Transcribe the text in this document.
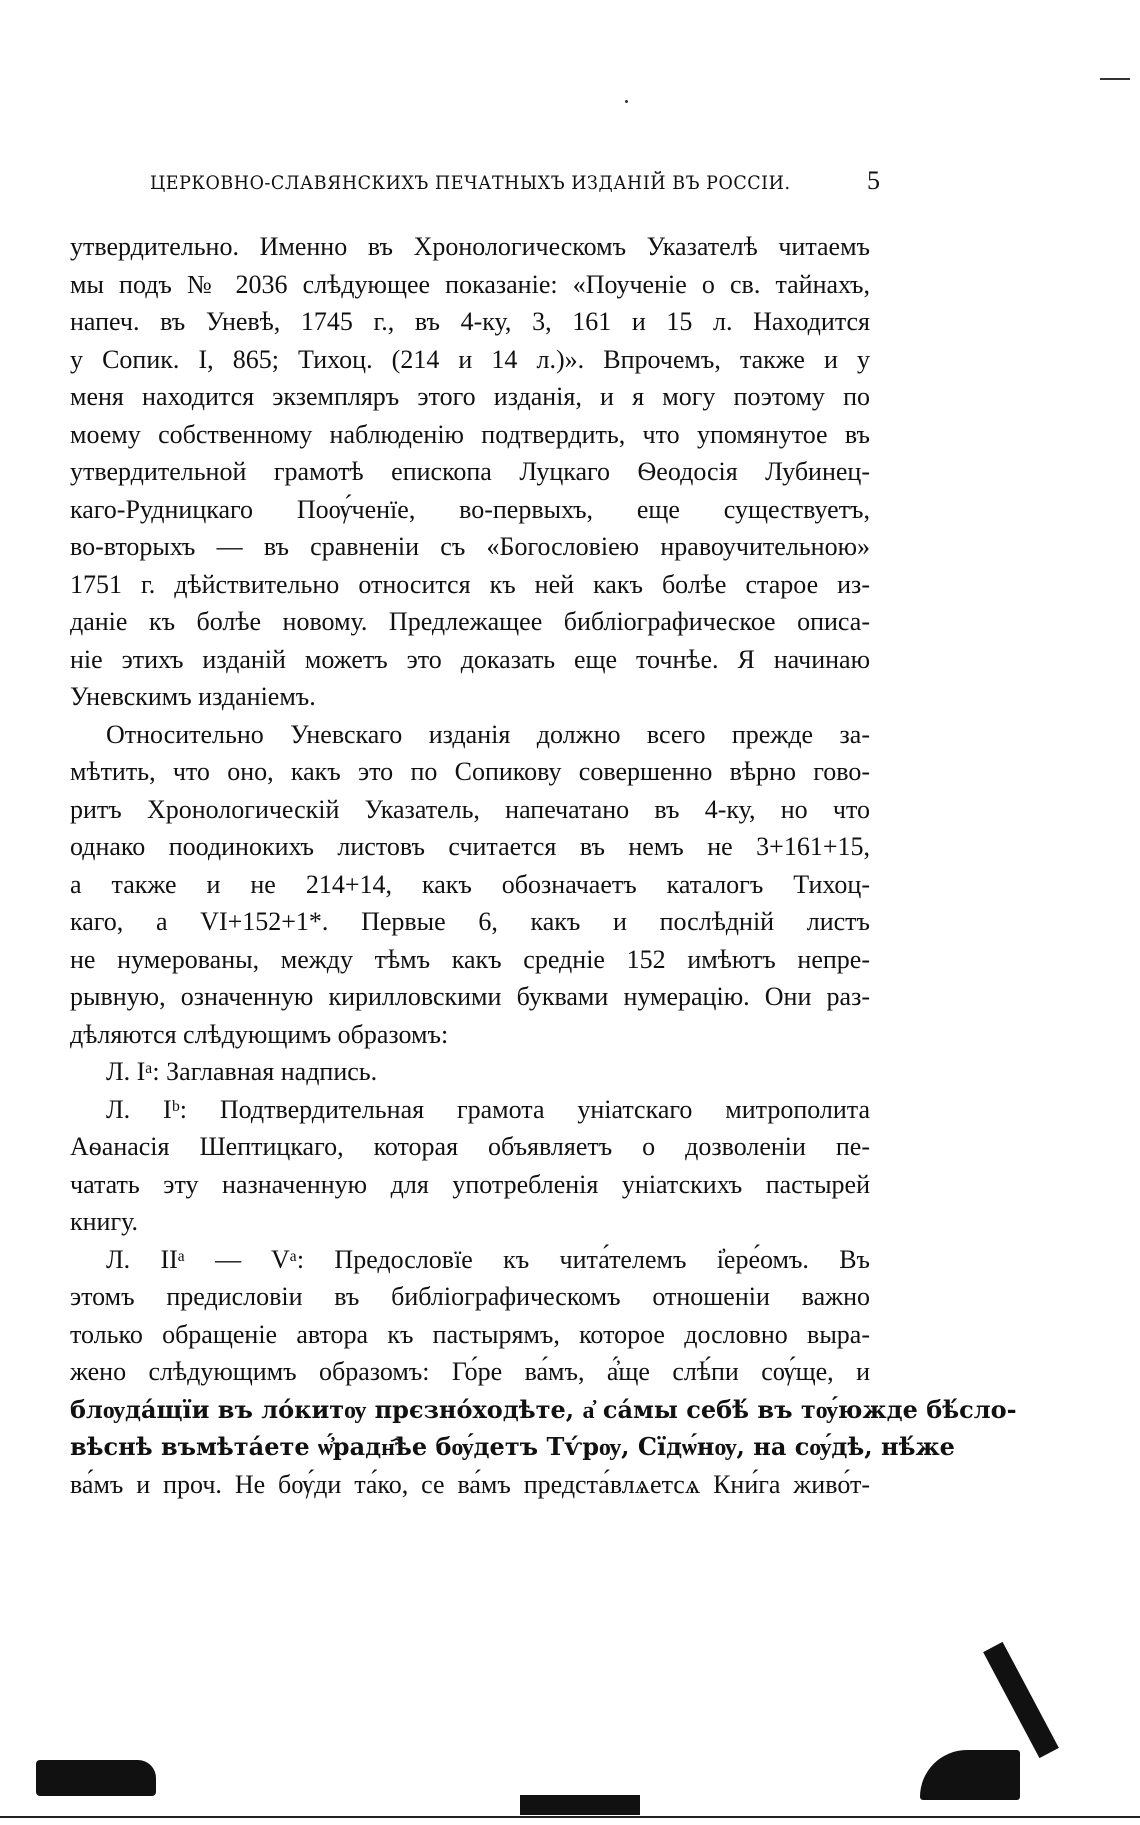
ЦЕРКОВНО-СЛАВЯНСКИХЪ ПЕЧАТНЫХЪ ИЗДАНІЙ ВЪ РОССІИ.	5
утвердительно. Именно въ Хронологическомъ Указателѣ читаемъ
мы подъ № 2036 слѣдующее показаніе: «Поученіе о св. тайнахъ,
напеч. въ Уневѣ, 1745 г., въ 4-ку, 3, 161 и 15 л. Находится
у Сопик. I, 865; Тихоц. (214 и 14 л.)». Впрочемъ, также и у
меня находится экземпляръ этого изданія, и я могу поэтому по
моему собственному наблюденію подтвердить, что упомянутое въ
утвердительной грамотѣ епископа Луцкаго Ѳеодосія Лубинец-
каго-Рудницкаго Поѹ́ченїе, во-первыхъ, еще существуетъ,
во-вторыхъ — въ сравненіи съ «Богословіею нравоучительною»
1751 г. дѣйствительно относится къ ней какъ болѣе старое из-
даніе къ болѣе новому. Предлежащее библіографическое описа-
ніе этихъ изданій можетъ это доказать еще точнѣе. Я начинаю
Уневскимъ изданіемъ.
Относительно Уневскаго изданія должно всего прежде за-
мѣтить, что оно, какъ это по Сопикову совершенно вѣрно гово-
ритъ Хронологическій Указатель, напечатано въ 4-ку, но что
однако поодинокихъ листовъ считается въ немъ не 3+161+15,
а также и не 214+14, какъ обозначаетъ каталогъ Тихоц-
каго, а VI+152+1*. Первые 6, какъ и послѣдній листъ
не нумерованы, между тѣмъ какъ средніе 152 имѣютъ непре-
рывную, означенную кирилловскими буквами нумерацію. Они раз-
дѣляются слѣдующимъ образомъ:
Л. Iᵃ: Заглавная надпись.
Л. Iᵇ: Подтвердительная грамота уніатскаго митрополита
Аѳанасія Шептицкаго, которая объявляетъ о дозволеніи пе-
чатать эту назначенную для употребленія уніатскихъ пастырей
книгу.
Л. IIᵃ — Vᵃ: Предословїе къ чита́телемъ і҆ере́омъ. Въ
этомъ предисловіи въ библіографическомъ отношеніи важно
только обращеніе автора къ пастырямъ, которое дословно выра-
жено слѣдующимъ образомъ: Го́ре ва́мъ, а҆́ще слѣ́пи сѹ́ще, и
блѹда́щїи въ ло́китѹ прєзно́ходѣте, а҆ са́мы себѣ́ въ тѹ́южде бѣ́сло-
вѣснѣ въмѣта́ете ѡ҆́радн҄ѣе бѹ́детъ Тѵ́рѹ, Сїдѡ́нѹ, на сѹ́дѣ, нѣ́же
ва́мъ и проч. Не бѹ́ди та́ко, се ва́мъ предста́влѧетсѧ Кни́га живо́т-
